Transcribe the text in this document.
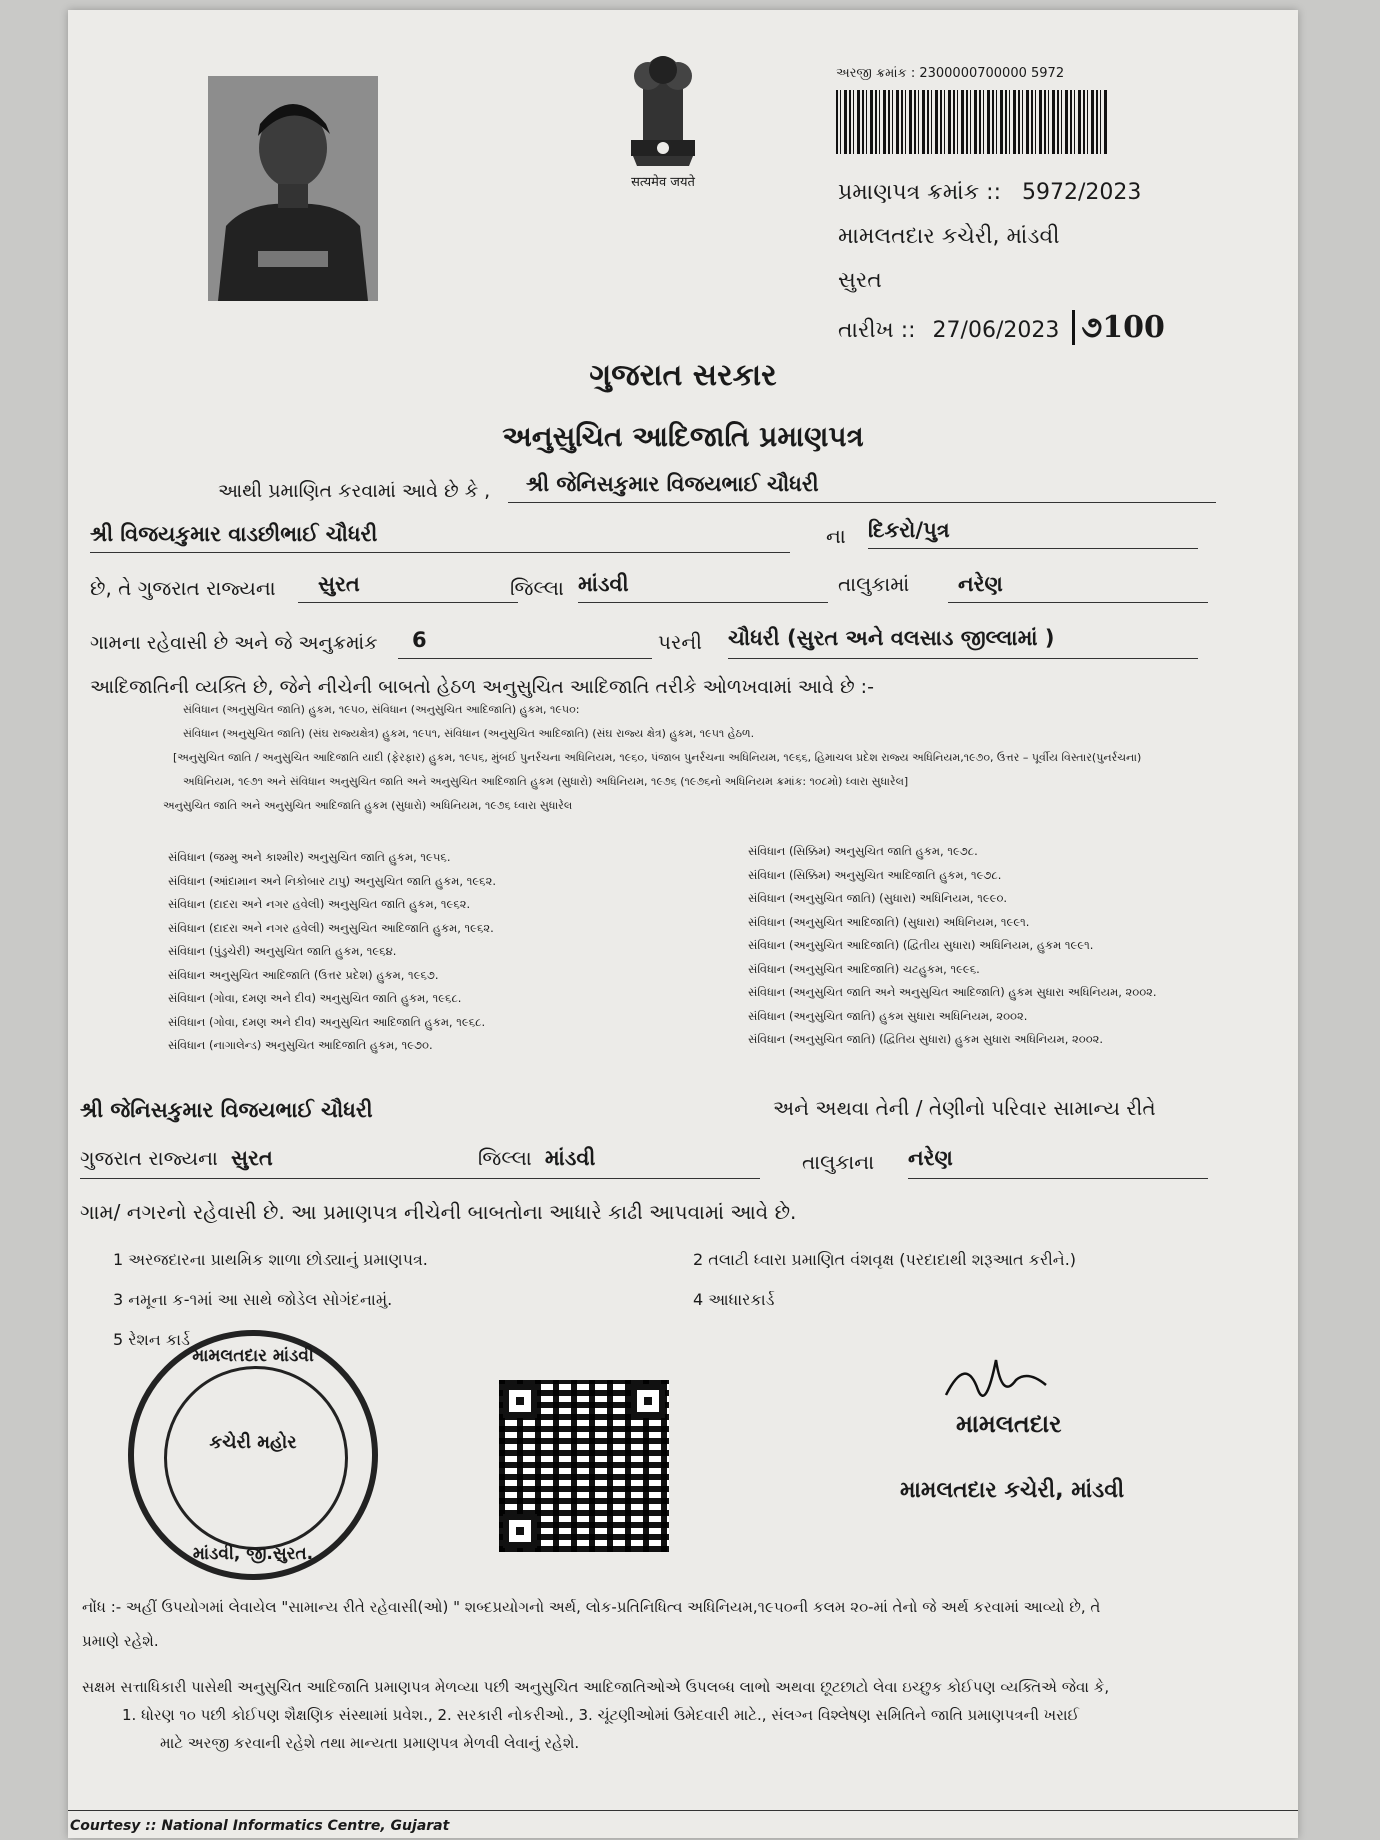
सत्यमेव जयते
અરજી ક્રમાંક : 2300000700000 5972
પ્રમાણપત્ર ક્રમાંક :: 5972/2023
મામલતદાર કચેરી, માંડવી
સુરત
તારીખ :: 27/06/2023 ૭100
ગુજરાત સરકાર
અનુસુચિત આદિજાતિ પ્રમાણપત્ર
આથી પ્રમાણિત કરવામાં આવે છે કે ,	શ્રી જેનિસકુમાર વિજયભાઈ ચૌધરી
શ્રી વિજયકુમાર વાડછીભાઈ ચૌધરી	ના દિકરો/પુત્ર
છે, તે ગુજરાત રાજ્યના	સુરત	જિલ્લા માંડવી	તાલુકામાં	નરેણ
ગામના રહેવાસી છે અને જે અનુક્રમાંક	6	પરની ચૌધરી (સુરત અને વલસાડ જીલ્લામાં )
આદિજાતિની વ્યક્તિ છે, જેને નીચેની બાબતો હેઠળ અનુસુચિત આદિજાતિ તરીકે ઓળખવામાં આવે છે :-
સંવિધાન (અનુસુચિત જાતિ) હુકમ, ૧૯૫૦, સંવિધાન (અનુસુચિત આદિજાતિ) હુકમ, ૧૯૫૦:
સંવિધાન (અનુસુચિત જાતિ) (સંઘ રાજ્યક્ષેત્ર) હુકમ, ૧૯૫૧, સંવિધાન (અનુસુચિત આદિજાતિ) (સંઘ રાજ્ય ક્ષેત્ર) હુકમ, ૧૯૫૧ હેઠળ.
[અનુસુચિત જાતિ / અનુસુચિત આદિજાતિ યાદી (ફેરફાર) હુકમ, ૧૯૫૬, મુંબઈ પુનર્રચના અધિનિયમ, ૧૯૬૦, પંજાબ પુનર્રચના અધિનિયમ, ૧૯૬૬, હિમાચલ પ્રદેશ રાજ્ય અધિનિયમ,૧૯૭૦, ઉત્તર – પૂર્વીય વિસ્તાર(પુનર્રચના)
અધિનિયમ, ૧૯૭૧ અને સંવિધાન અનુસુચિત જાતિ અને અનુસુચિત આદિજાતિ હુકમ (સુધારો) અધિનિયમ, ૧૯૭૬ (૧૯૭૬નો અધિનિયમ ક્રમાંક: ૧૦૮મો) ધ્વારા સુધારેલ]
અનુસુચિત જાતિ અને અનુસુચિત આદિજાતિ હુકમ (સુધારો) અધિનિયમ, ૧૯૭૬ ધ્વારા સુધારેલ
સંવિધાન (જમ્મુ અને કાશ્મીર) અનુસુચિત જાતિ હુકમ, ૧૯૫૬.
સંવિધાન (આંદામાન અને નિકોબાર ટાપુ) અનુસુચિત જાતિ હુકમ, ૧૯૬૨.
સંવિધાન (દાદરા અને નગર હવેલી) અનુસુચિત જાતિ હુકમ, ૧૯૬૨.
સંવિધાન (દાદરા અને નગર હવેલી) અનુસુચિત આદિજાતિ હુકમ, ૧૯૬૨.
સંવિધાન (પુંડુચેરી) અનુસુચિત જાતિ હુકમ, ૧૯૬૪.
સંવિધાન અનુસુચિત આદિજાતિ (ઉત્તર પ્રદેશ) હુકમ, ૧૯૬૭.
સંવિધાન (ગોવા, દમણ અને દીવ) અનુસુચિત જાતિ હુકમ, ૧૯૬૮.
સંવિધાન (ગોવા, દમણ અને દીવ) અનુસુચિત આદિજાતિ હુકમ, ૧૯૬૮.
સંવિધાન (નાગાલેન્ડ) અનુસુચિત આદિજાતિ હુકમ, ૧૯૭૦.
સંવિધાન (સિક્કિમ) અનુસુચિત જાતિ હુકમ, ૧૯૭૮.
સંવિધાન (સિક્કિમ) અનુસુચિત આદિજાતિ હુકમ, ૧૯૭૮.
સંવિધાન (અનુસુચિત જાતિ) (સુધારા) અધિનિયમ, ૧૯૯૦.
સંવિધાન (અનુસુચિત આદિજાતિ) (સુધારા) અધિનિયમ, ૧૯૯૧.
સંવિધાન (અનુસુચિત આદિજાતિ) (દ્વિતીય સુધારા) અધિનિયમ, હુકમ ૧૯૯૧.
સંવિધાન (અનુસુચિત આદિજાતિ) ચટહુકમ, ૧૯૯૬.
સંવિધાન (અનુસુચિત જાતિ અને અનુસુચિત આદિજાતિ) હુકમ સુધારા અધિનિયમ, ૨૦૦૨.
સંવિધાન (અનુસુચિત જાતિ) હુકમ સુધારા અધિનિયમ, ૨૦૦૨.
સંવિધાન (અનુસુચિત જાતિ) (દ્વિતિય સુધારા) હુકમ સુધારા અધિનિયમ, ૨૦૦૨.
શ્રી જેનિસકુમાર વિજયભાઈ ચૌધરી	અને અથવા તેની / તેણીનો પરિવાર સામાન્ય રીતે
ગુજરાત રાજ્યના સુરત	જિલ્લા માંડવી	તાલુકાના નરેણ
ગામ/ નગરનો રહેવાસી છે. આ પ્રમાણપત્ર નીચેની બાબતોના આધારે કાઢી આપવામાં આવે છે.
1 અરજદારના પ્રાથમિક શાળા છોડ્યાનું પ્રમાણપત્ર.	2 તલાટી ધ્વારા પ્રમાણિત વંશવૃક્ષ (પરદાદાથી શરૂઆત કરીને.)
3 નમૂના ક-૧માં આ સાથે જોડેલ સોગંદનામું.	4 આધારકાર્ડ
5 રેશન કાર્ડ
મામલતદાર માંડવી
કચેરી મહોર
માંડવી, જી.સુરત.
મામલતદાર
મામલતદાર કચેરી, માંડવી
નોંધ :- અહીં ઉપયોગમાં લેવાયેલ "સામાન્ય રીતે રહેવાસી(ઓ) " શબ્દપ્રયોગનો અર્થ, લોક-પ્રતિનિધિત્વ અધિનિયમ,૧૯૫૦ની કલમ ૨૦-માં તેનો જે અર્થ કરવામાં આવ્યો છે, તે
પ્રમાણે રહેશે.
સક્ષમ સત્તાધિકારી પાસેથી અનુસુચિત આદિજાતિ પ્રમાણપત્ર મેળવ્યા પછી અનુસુચિત આદિજાતિઓએ ઉપલબ્ધ લાભો અથવા છૂટછાટો લેવા ઇચ્છુક કોઈપણ વ્યક્તિએ જેવા કે,
1. ધોરણ ૧૦ પછી કોઈપણ શૈક્ષણિક સંસ્થામાં પ્રવેશ., 2. સરકારી નોકરીઓ., 3. ચૂંટણીઓમાં ઉમેદવારી માટે., સંલગ્ન વિશ્લેષણ સમિતિને જાતિ પ્રમાણપત્રની ખરાઈ
માટે અરજી કરવાની રહેશે તથા માન્યતા પ્રમાણપત્ર મેળવી લેવાનું રહેશે.
Courtesy :: National Informatics Centre, Gujarat
